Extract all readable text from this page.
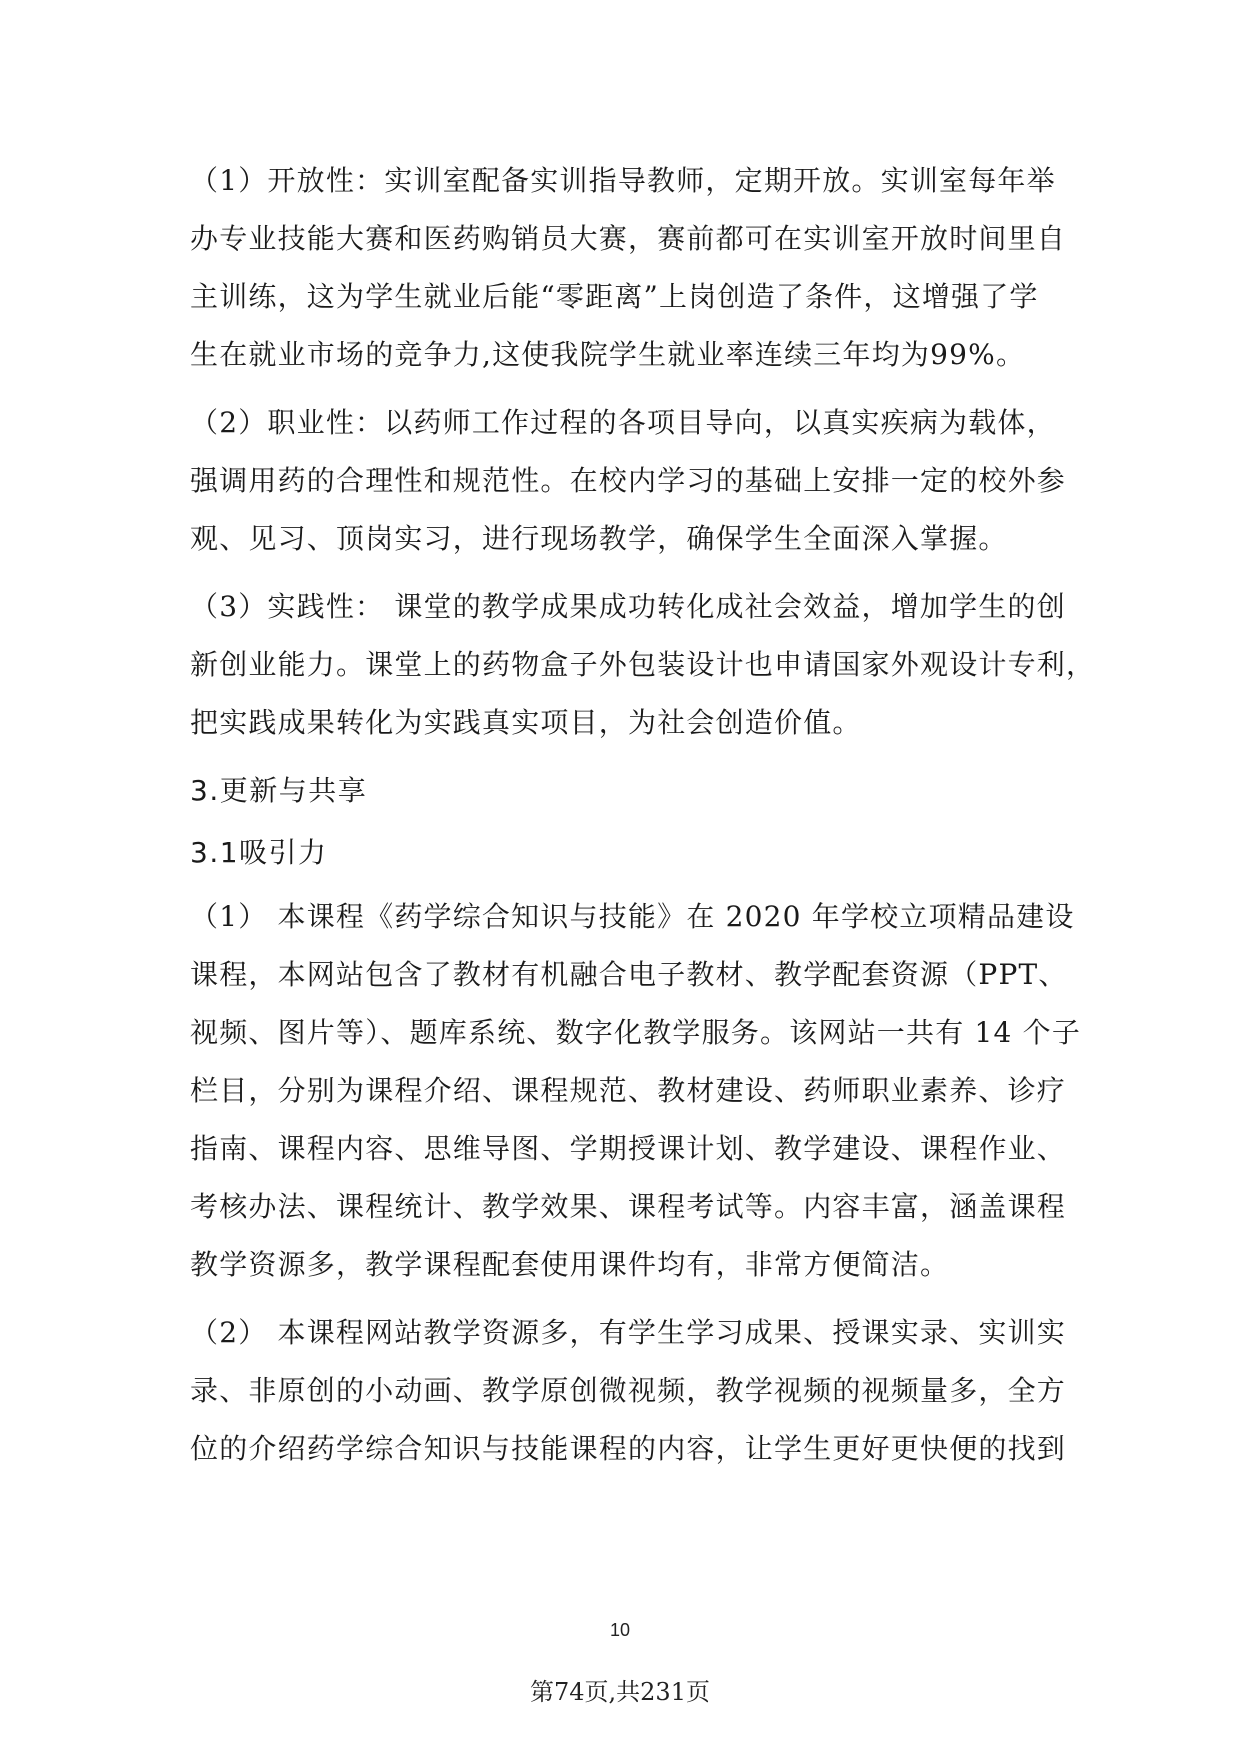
（1）开放性：实训室配备实训指导教师，定期开放。实训室每年举
办专业技能大赛和医药购销员大赛，赛前都可在实训室开放时间里自
主训练，这为学生就业后能“零距离”上岗创造了条件，这增强了学
生在就业市场的竞争力,这使我院学生就业率连续三年均为99%。
（2）职业性：以药师工作过程的各项目导向，以真实疾病为载体，
强调用药的合理性和规范性。在校内学习的基础上安排一定的校外参
观、见习、顶岗实习，进行现场教学，确保学生全面深入掌握。
（3）实践性： 课堂的教学成果成功转化成社会效益，增加学生的创
新创业能力。课堂上的药物盒子外包装设计也申请国家外观设计专利，
把实践成果转化为实践真实项目，为社会创造价值。
3.更新与共享
3.1吸引力
（1） 本课程《药学综合知识与技能》在 2020 年学校立项精品建设
课程，本网站包含了教材有机融合电子教材、教学配套资源（PPT、
视频、图片等）、题库系统、数字化教学服务。该网站一共有 14 个子
栏目，分别为课程介绍、课程规范、教材建设、药师职业素养、诊疗
指南、课程内容、思维导图、学期授课计划、教学建设、课程作业、
考核办法、课程统计、教学效果、课程考试等。内容丰富，涵盖课程
教学资源多，教学课程配套使用课件均有，非常方便简洁。
（2） 本课程网站教学资源多，有学生学习成果、授课实录、实训实
录、非原创的小动画、教学原创微视频，教学视频的视频量多，全方
位的介绍药学综合知识与技能课程的内容，让学生更好更快便的找到
10
第74页,共231页
